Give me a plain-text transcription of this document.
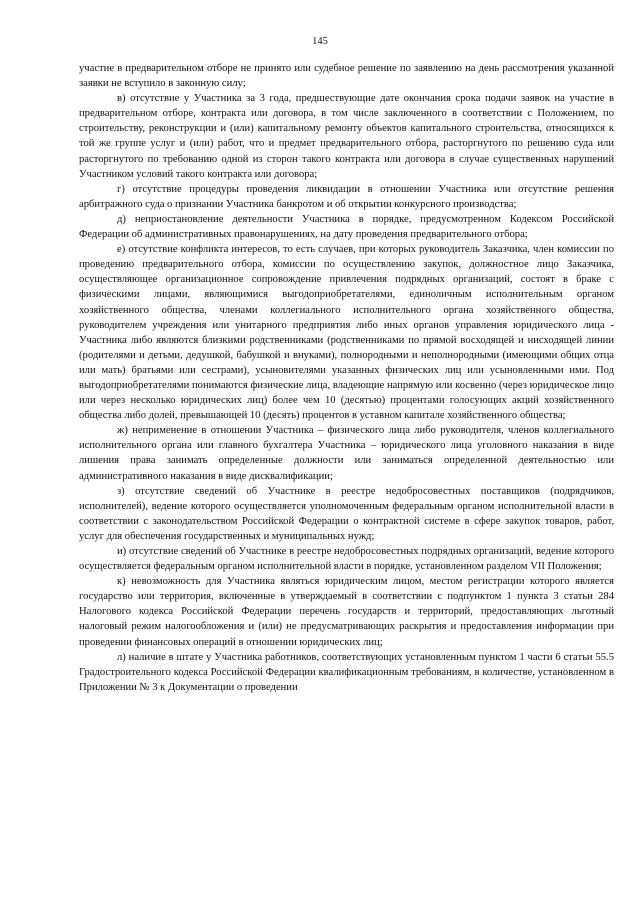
145

участие в предварительном отборе не принято или судебное решение по заявлению на день рассмотрения указанной заявки не вступило в законную силу;

в) отсутствие у Участника за 3 года, предшествующие дате окончания срока подачи заявок на участие в предварительном отборе, контракта или договора, в том числе заключенного в соответствии с Положением, по строительству, реконструкции и (или) капитальному ремонту объектов капитального строительства, относящихся к той же группе услуг и (или) работ, что и предмет предварительного отбора, расторгнутого по решению суда или расторгнутого по требованию одной из сторон такого контракта или договора в случае существенных нарушений Участником условий такого контракта или договора;

г) отсутствие процедуры проведения ликвидации в отношении Участника или отсутствие решения арбитражного суда о признании Участника банкротом и об открытии конкурсного производства;

д) неприостановление деятельности Участника в порядке, предусмотренном Кодексом Российской Федерации об административных правонарушениях, на дату проведения предварительного отбора;

е) отсутствие конфликта интересов, то есть случаев, при которых руководитель Заказчика, член комиссии по проведению предварительного отбора, комиссии по осуществлению закупок, должностное лицо Заказчика, осуществляющее организационное сопровождение привлечения подрядных организаций, состоят в браке с физическими лицами, являющимися выгодоприобретателями, единоличным исполнительным органом хозяйственного общества, членами коллегиального исполнительного органа хозяйственного общества, руководителем учреждения или унитарного предприятия либо иных органов управления юридического лица - Участника либо являются близкими родственниками (родственниками по прямой восходящей и нисходящей линии (родителями и детьми, дедушкой, бабушкой и внуками), полнородными и неполнородными (имеющими общих отца или мать) братьями или сестрами), усыновителями указанных физических лиц или усыновленными ими. Под выгодоприобретателями понимаются физические лица, владеющие напрямую или косвенно (через юридическое лицо или через несколько юридических лиц) более чем 10 (десятью) процентами голосующих акций хозяйственного общества либо долей, превышающей 10 (десять) процентов в уставном капитале хозяйственного общества;

ж) неприменение в отношении Участника – физического лица либо руководителя, членов коллегиального исполнительного органа или главного бухгалтера Участника – юридического лица уголовного наказания в виде лишения права занимать определенные должности или заниматься определенной деятельностью или административного наказания в виде дисквалификации;

з) отсутствие сведений об Участнике в реестре недобросовестных поставщиков (подрядчиков, исполнителей), ведение которого осуществляется уполномоченным федеральным органом исполнительной власти в соответствии с законодательством Российской Федерации о контрактной системе в сфере закупок товаров, работ, услуг для обеспечения государственных и муниципальных нужд;

и) отсутствие сведений об Участнике в реестре недобросовестных подрядных организаций, ведение которого осуществляется федеральным органом исполнительной власти в порядке, установленном разделом VII Положения;

к) невозможность для Участника являться юридическим лицом, местом регистрации которого является государство или территория, включенные в утверждаемый в соответствии с подпунктом 1 пункта 3 статьи 284 Налогового кодекса Российской Федерации перечень государств и территорий, предоставляющих льготный налоговый режим налогообложения и (или) не предусматривающих раскрытия и предоставления информации при проведении финансовых операций в отношении юридических лиц;

л) наличие в штате у Участника работников, соответствующих установленным пунктом 1 части 6 статьи 55.5 Градостроительного кодекса Российской Федерации квалификационным требованиям, в количестве, установленном в Приложении № 3 к Документации о проведении
